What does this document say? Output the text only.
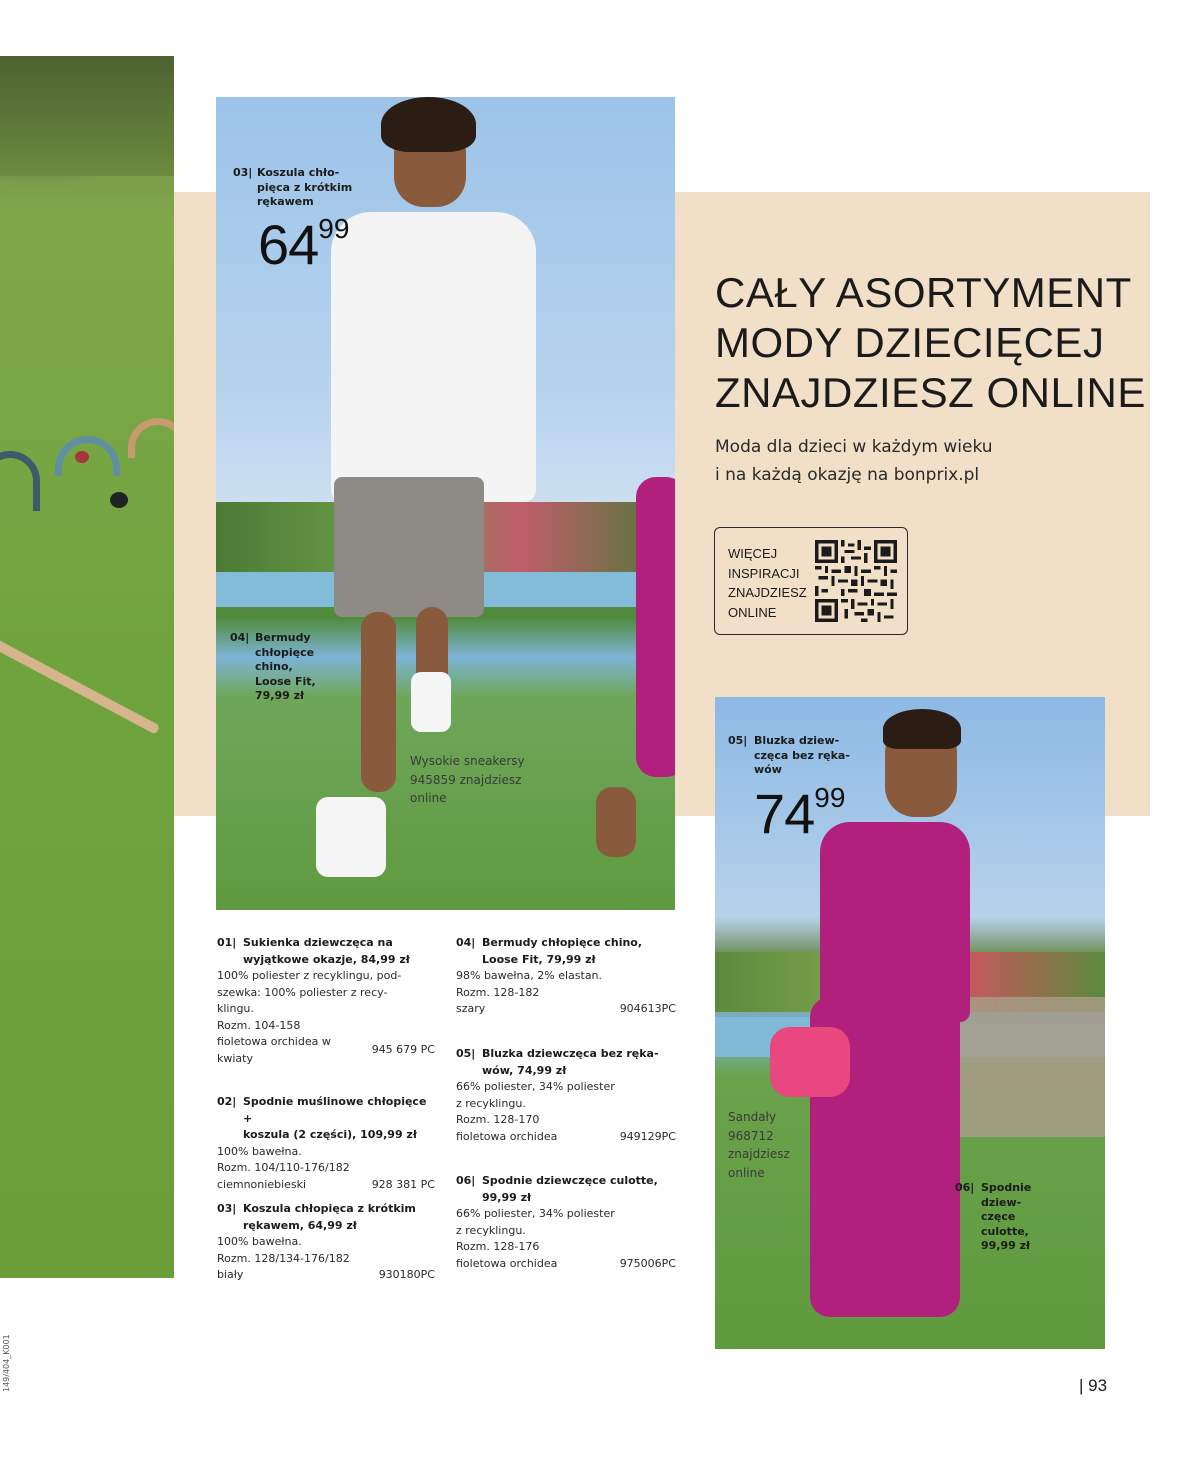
CAŁY ASORTYMENT
MODY DZIECIĘCEJ
ZNAJDZIESZ ONLINE
Moda dla dzieci w każdym wieku
i na każdą okazję na bonprix.pl
WIĘCEJ
INSPIRACJI
ZNAJDZIESZ
ONLINE
03| Koszula chło-
pięca z krótkim
rękawem
6499
04| Bermudy
chłopięce
chino,
Loose Fit,
79,99 zł
Wysokie sneakersy
945859 znajdziesz
online
05| Bluzka dziew-
częca bez ręka-
wów
7499
Sandały
968712
znajdziesz
online
06| Spodnie
dziew-
częce
culotte,
99,99 zł
01| Sukienka dziewczęca na
wyjątkowe okazje, 84,99 zł
100% poliester z recyklingu, pod-
szewka: 100% poliester z recy-
klingu.
Rozm. 104-158
fioletowa orchidea w
kwiaty
945 679 PC
02| Spodnie muślinowe chłopięce +
koszula (2 części), 109,99 zł
100% bawełna.
Rozm. 104/110-176/182
ciemnoniebieski	928 381 PC
03| Koszula chłopięca z krótkim
rękawem, 64,99 zł
100% bawełna.
Rozm. 128/134-176/182
biały	930180PC
04| Bermudy chłopięce chino,
Loose Fit, 79,99 zł
98% bawełna, 2% elastan.
Rozm. 128-182
szary	904613PC
05| Bluzka dziewczęca bez ręka-
wów, 74,99 zł
66% poliester, 34% poliester
z recyklingu.
Rozm. 128-170
fioletowa orchidea	949129PC
06| Spodnie dziewczęce culotte,
99,99 zł
66% poliester, 34% poliester
z recyklingu.
Rozm. 128-176
fioletowa orchidea	975006PC
| 93
149/404_K001
